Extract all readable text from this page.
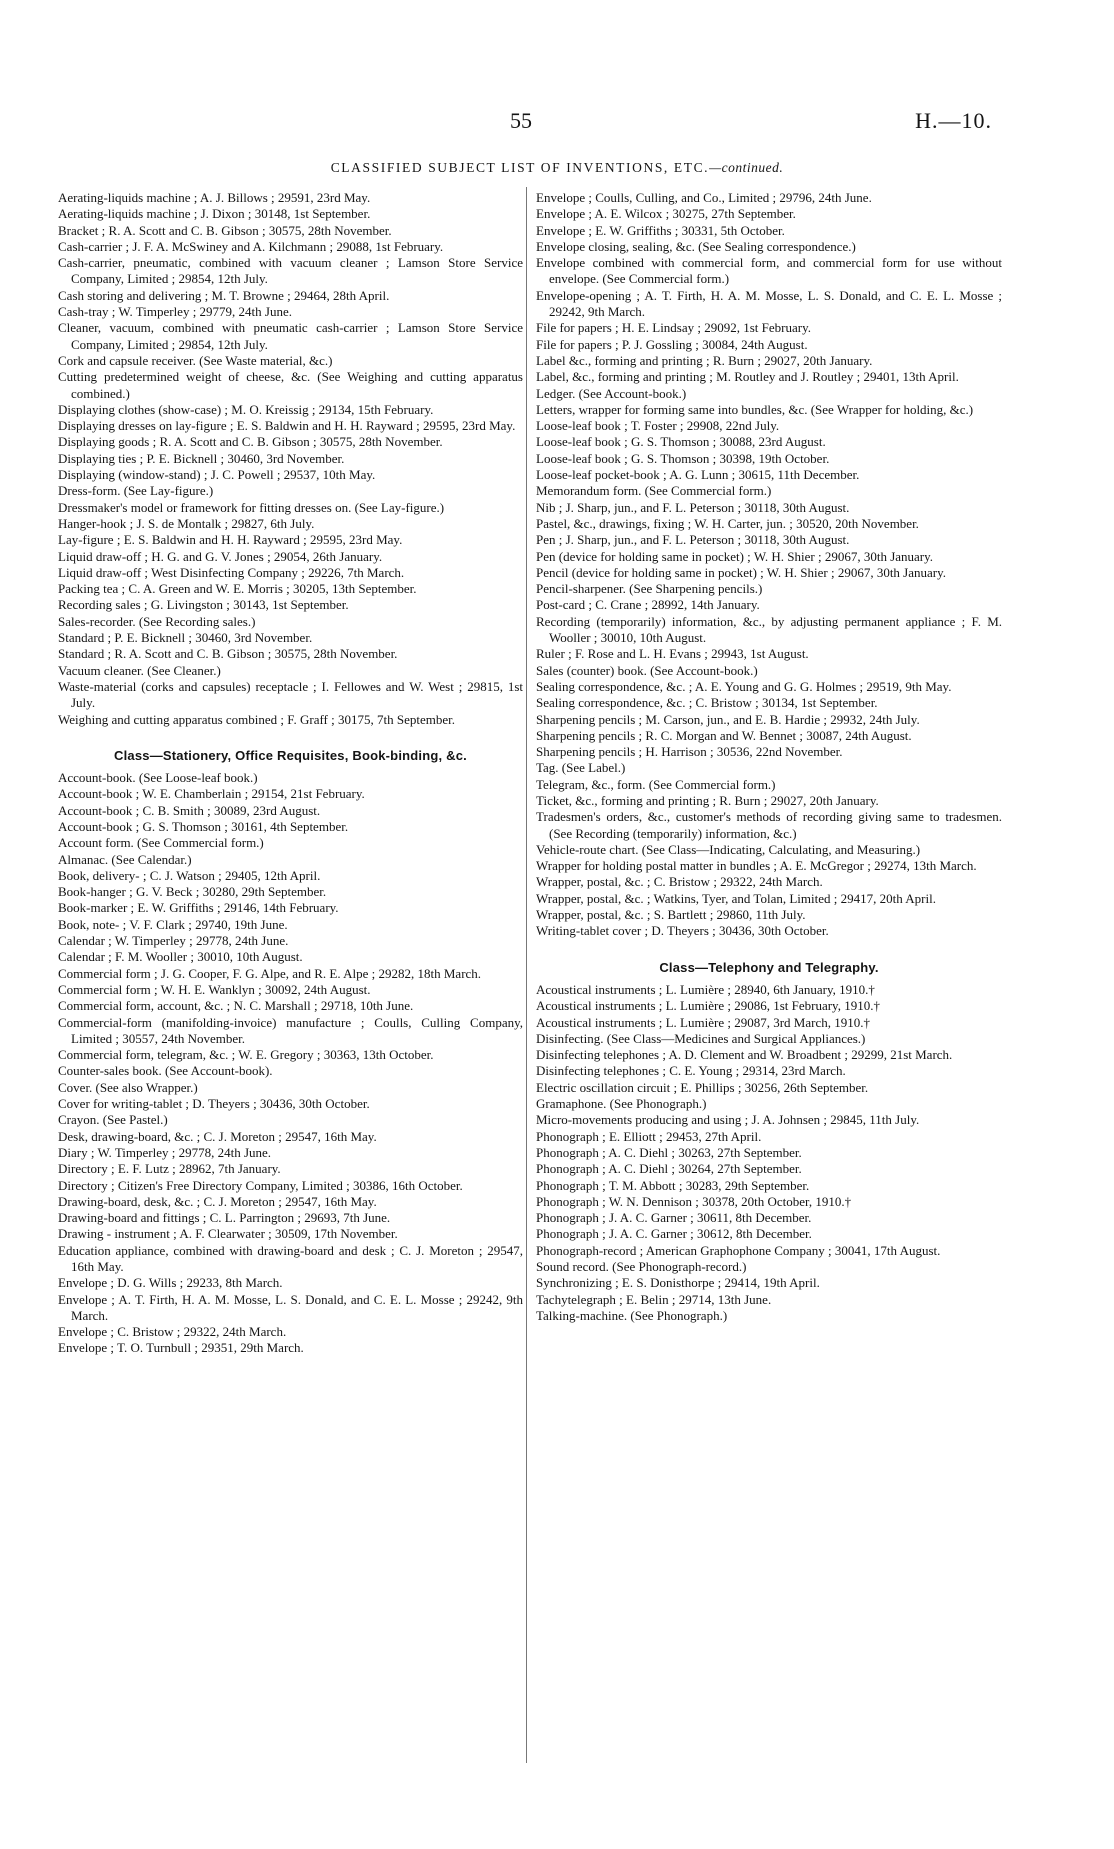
55	H.—10.
CLASSIFIED SUBJECT LIST OF INVENTIONS, ETC.—continued.

Aerating-liquids machine ; A. J. Billows ; 29591, 23rd May.

Aerating-liquids machine ; J. Dixon ; 30148, 1st September.

Bracket ; R. A. Scott and C. B. Gibson ; 30575, 28th November.

Cash-carrier ; J. F. A. McSwiney and A. Kilchmann ; 29088, 1st February.

Cash-carrier, pneumatic, combined with vacuum cleaner ; Lamson Store Service Company, Limited ; 29854, 12th July.

Cash storing and delivering ; M. T. Browne ; 29464, 28th April.

Cash-tray ; W. Timperley ; 29779, 24th June.

Cleaner, vacuum, combined with pneumatic cash-carrier ; Lamson Store Service Company, Limited ; 29854, 12th July.

Cork and capsule receiver. (See Waste material, &c.)

Cutting predetermined weight of cheese, &c. (See Weighing and cutting apparatus combined.)

Displaying clothes (show-case) ; M. O. Kreissig ; 29134, 15th February.

Displaying dresses on lay-figure ; E. S. Baldwin and H. H. Rayward ; 29595, 23rd May.

Displaying goods ; R. A. Scott and C. B. Gibson ; 30575, 28th November.

Displaying ties ; P. E. Bicknell ; 30460, 3rd November.

Displaying (window-stand) ; J. C. Powell ; 29537, 10th May.

Dress-form. (See Lay-figure.)

Dressmaker's model or framework for fitting dresses on. (See Lay-figure.)

Hanger-hook ; J. S. de Montalk ; 29827, 6th July.

Lay-figure ; E. S. Baldwin and H. H. Rayward ; 29595, 23rd May.

Liquid draw-off ; H. G. and G. V. Jones ; 29054, 26th January.

Liquid draw-off ; West Disinfecting Company ; 29226, 7th March.

Packing tea ; C. A. Green and W. E. Morris ; 30205, 13th September.

Recording sales ; G. Livingston ; 30143, 1st September.

Sales-recorder. (See Recording sales.)

Standard ; P. E. Bicknell ; 30460, 3rd November.

Standard ; R. A. Scott and C. B. Gibson ; 30575, 28th November.

Vacuum cleaner. (See Cleaner.)

Waste-material (corks and capsules) receptacle ; I. Fellowes and W. West ; 29815, 1st July.

Weighing and cutting apparatus combined ; F. Graff ; 30175, 7th September.

Class—Stationery, Office Requisites, Book-binding, &c.

Account-book. (See Loose-leaf book.)

Account-book ; W. E. Chamberlain ; 29154, 21st February.

Account-book ; C. B. Smith ; 30089, 23rd August.

Account-book ; G. S. Thomson ; 30161, 4th September.

Account form. (See Commercial form.)

Almanac. (See Calendar.)

Book, delivery- ; C. J. Watson ; 29405, 12th April.

Book-hanger ; G. V. Beck ; 30280, 29th September.

Book-marker ; E. W. Griffiths ; 29146, 14th February.

Book, note- ; V. F. Clark ; 29740, 19th June.

Calendar ; W. Timperley ; 29778, 24th June.

Calendar ; F. M. Wooller ; 30010, 10th August.

Commercial form ; J. G. Cooper, F. G. Alpe, and R. E. Alpe ; 29282, 18th March.

Commercial form ; W. H. E. Wanklyn ; 30092, 24th August.

Commercial form, account, &c. ; N. C. Marshall ; 29718, 10th June.

Commercial-form (manifolding-invoice) manufacture ; Coulls, Culling Company, Limited ; 30557, 24th November.

Commercial form, telegram, &c. ; W. E. Gregory ; 30363, 13th October.

Counter-sales book. (See Account-book).

Cover. (See also Wrapper.)

Cover for writing-tablet ; D. Theyers ; 30436, 30th October.

Crayon. (See Pastel.)

Desk, drawing-board, &c. ; C. J. Moreton ; 29547, 16th May.

Diary ; W. Timperley ; 29778, 24th June.

Directory ; E. F. Lutz ; 28962, 7th January.

Directory ; Citizen's Free Directory Company, Limited ; 30386, 16th October.

Drawing-board, desk, &c. ; C. J. Moreton ; 29547, 16th May.

Drawing-board and fittings ; C. L. Parrington ; 29693, 7th June.

Drawing - instrument ; A. F. Clearwater ; 30509, 17th November.

Education appliance, combined with drawing-board and desk ; C. J. Moreton ; 29547, 16th May.

Envelope ; D. G. Wills ; 29233, 8th March.

Envelope ; A. T. Firth, H. A. M. Mosse, L. S. Donald, and C. E. L. Mosse ; 29242, 9th March.

Envelope ; C. Bristow ; 29322, 24th March.

Envelope ; T. O. Turnbull ; 29351, 29th March.

Envelope ; Coulls, Culling, and Co., Limited ; 29796, 24th June.

Envelope ; A. E. Wilcox ; 30275, 27th September.

Envelope ; E. W. Griffiths ; 30331, 5th October.

Envelope closing, sealing, &c. (See Sealing correspondence.)

Envelope combined with commercial form, and commercial form for use without envelope. (See Commercial form.)

Envelope-opening ; A. T. Firth, H. A. M. Mosse, L. S. Donald, and C. E. L. Mosse ; 29242, 9th March.

File for papers ; H. E. Lindsay ; 29092, 1st February.

File for papers ; P. J. Gossling ; 30084, 24th August.

Label &c., forming and printing ; R. Burn ; 29027, 20th January.

Label, &c., forming and printing ; M. Routley and J. Routley ; 29401, 13th April.

Ledger. (See Account-book.)

Letters, wrapper for forming same into bundles, &c. (See Wrapper for holding, &c.)

Loose-leaf book ; T. Foster ; 29908, 22nd July.

Loose-leaf book ; G. S. Thomson ; 30088, 23rd August.

Loose-leaf book ; G. S. Thomson ; 30398, 19th October.

Loose-leaf pocket-book ; A. G. Lunn ; 30615, 11th December.

Memorandum form. (See Commercial form.)

Nib ; J. Sharp, jun., and F. L. Peterson ; 30118, 30th August.

Pastel, &c., drawings, fixing ; W. H. Carter, jun. ; 30520, 20th November.

Pen ; J. Sharp, jun., and F. L. Peterson ; 30118, 30th August.

Pen (device for holding same in pocket) ; W. H. Shier ; 29067, 30th January.

Pencil (device for holding same in pocket) ; W. H. Shier ; 29067, 30th January.

Pencil-sharpener. (See Sharpening pencils.)

Post-card ; C. Crane ; 28992, 14th January.

Recording (temporarily) information, &c., by adjusting permanent appliance ; F. M. Wooller ; 30010, 10th August.

Ruler ; F. Rose and L. H. Evans ; 29943, 1st August.

Sales (counter) book. (See Account-book.)

Sealing correspondence, &c. ; A. E. Young and G. G. Holmes ; 29519, 9th May.

Sealing correspondence, &c. ; C. Bristow ; 30134, 1st September.

Sharpening pencils ; M. Carson, jun., and E. B. Hardie ; 29932, 24th July.

Sharpening pencils ; R. C. Morgan and W. Bennet ; 30087, 24th August.

Sharpening pencils ; H. Harrison ; 30536, 22nd November.

Tag. (See Label.)

Telegram, &c., form. (See Commercial form.)

Ticket, &c., forming and printing ; R. Burn ; 29027, 20th January.

Tradesmen's orders, &c., customer's methods of recording giving same to tradesmen. (See Recording (temporarily) information, &c.)

Vehicle-route chart. (See Class—Indicating, Calculating, and Measuring.)

Wrapper for holding postal matter in bundles ; A. E. McGregor ; 29274, 13th March.

Wrapper, postal, &c. ; C. Bristow ; 29322, 24th March.

Wrapper, postal, &c. ; Watkins, Tyer, and Tolan, Limited ; 29417, 20th April.

Wrapper, postal, &c. ; S. Bartlett ; 29860, 11th July.

Writing-tablet cover ; D. Theyers ; 30436, 30th October.

Class—Telephony and Telegraphy.

Acoustical instruments ; L. Lumière ; 28940, 6th January, 1910.†

Acoustical instruments ; L. Lumière ; 29086, 1st February, 1910.†

Acoustical instruments ; L. Lumière ; 29087, 3rd March, 1910.†

Disinfecting. (See Class—Medicines and Surgical Appliances.)

Disinfecting telephones ; A. D. Clement and W. Broadbent ; 29299, 21st March.

Disinfecting telephones ; C. E. Young ; 29314, 23rd March.

Electric oscillation circuit ; E. Phillips ; 30256, 26th September.

Gramaphone. (See Phonograph.)

Micro-movements producing and using ; J. A. Johnsen ; 29845, 11th July.

Phonograph ; E. Elliott ; 29453, 27th April.

Phonograph ; A. C. Diehl ; 30263, 27th September.

Phonograph ; A. C. Diehl ; 30264, 27th September.

Phonograph ; T. M. Abbott ; 30283, 29th September.

Phonograph ; W. N. Dennison ; 30378, 20th October, 1910.†

Phonograph ; J. A. C. Garner ; 30611, 8th December.

Phonograph ; J. A. C. Garner ; 30612, 8th December.

Phonograph-record ; American Graphophone Company ; 30041, 17th August.

Sound record. (See Phonograph-record.)

Synchronizing ; E. S. Donisthorpe ; 29414, 19th April.

Tachytelegraph ; E. Belin ; 29714, 13th June.

Talking-machine. (See Phonograph.)
